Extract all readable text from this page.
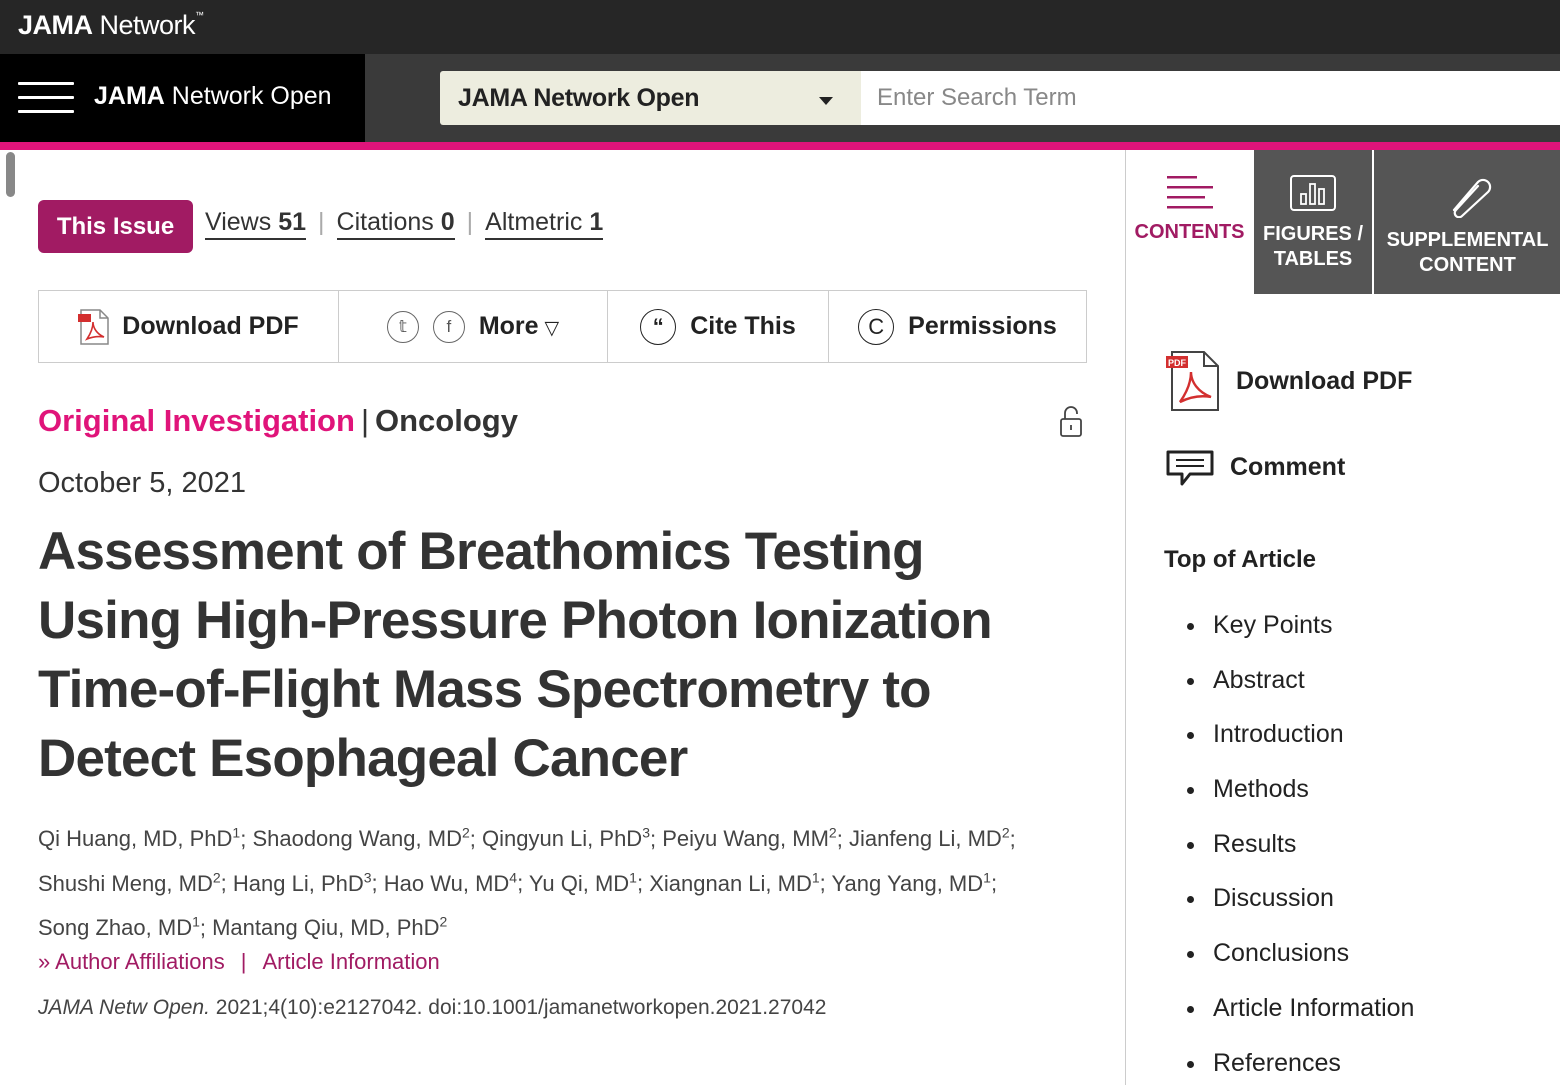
JAMA Network™
JAMA Network Open	JAMA Network Open
Enter Search Term
This Issue	Views 51 | Citations 0 | Altmetric 1
Download PDF	𝕥	f	More ▽	“	Cite This	C Permissions
Original Investigation | Oncology
October 5, 2021
Assessment of Breathomics Testing Using High-Pressure Photon Ionization Time-of-Flight Mass Spectrometry to Detect Esophageal Cancer
Qi Huang, MD, PhD$^1$; Shaodong Wang, $MD^2$; Qingyun Li, PhD$^3$; Peiyu Wang, $MM^2$; Jianfeng Li, $MD^2$;
Shushi Meng, $MD^2$; Hang Li, PhD$^3$; Hao Wu, $MD^4$; Yu Qi, $MD^1$; Xiangnan Li, $MD^1$; Yang Yang, $MD^1$;
Song Zhao, $MD^1$; Mantang Qiu, MD, PhD$^2$
» Author Affiliations | Article Information
JAMA Netw Open. 2021;4(10):e2127042. doi:10.1001/jamanetworkopen.2021.27042
CONTENTS FIGURES /
TABLES
SUPPLEMENTAL
CONTENT
PDF
Download PDF
Comment
Top of Article
Key Points
Abstract
Introduction
Methods
Results
Discussion
Conclusions
Article Information
References
